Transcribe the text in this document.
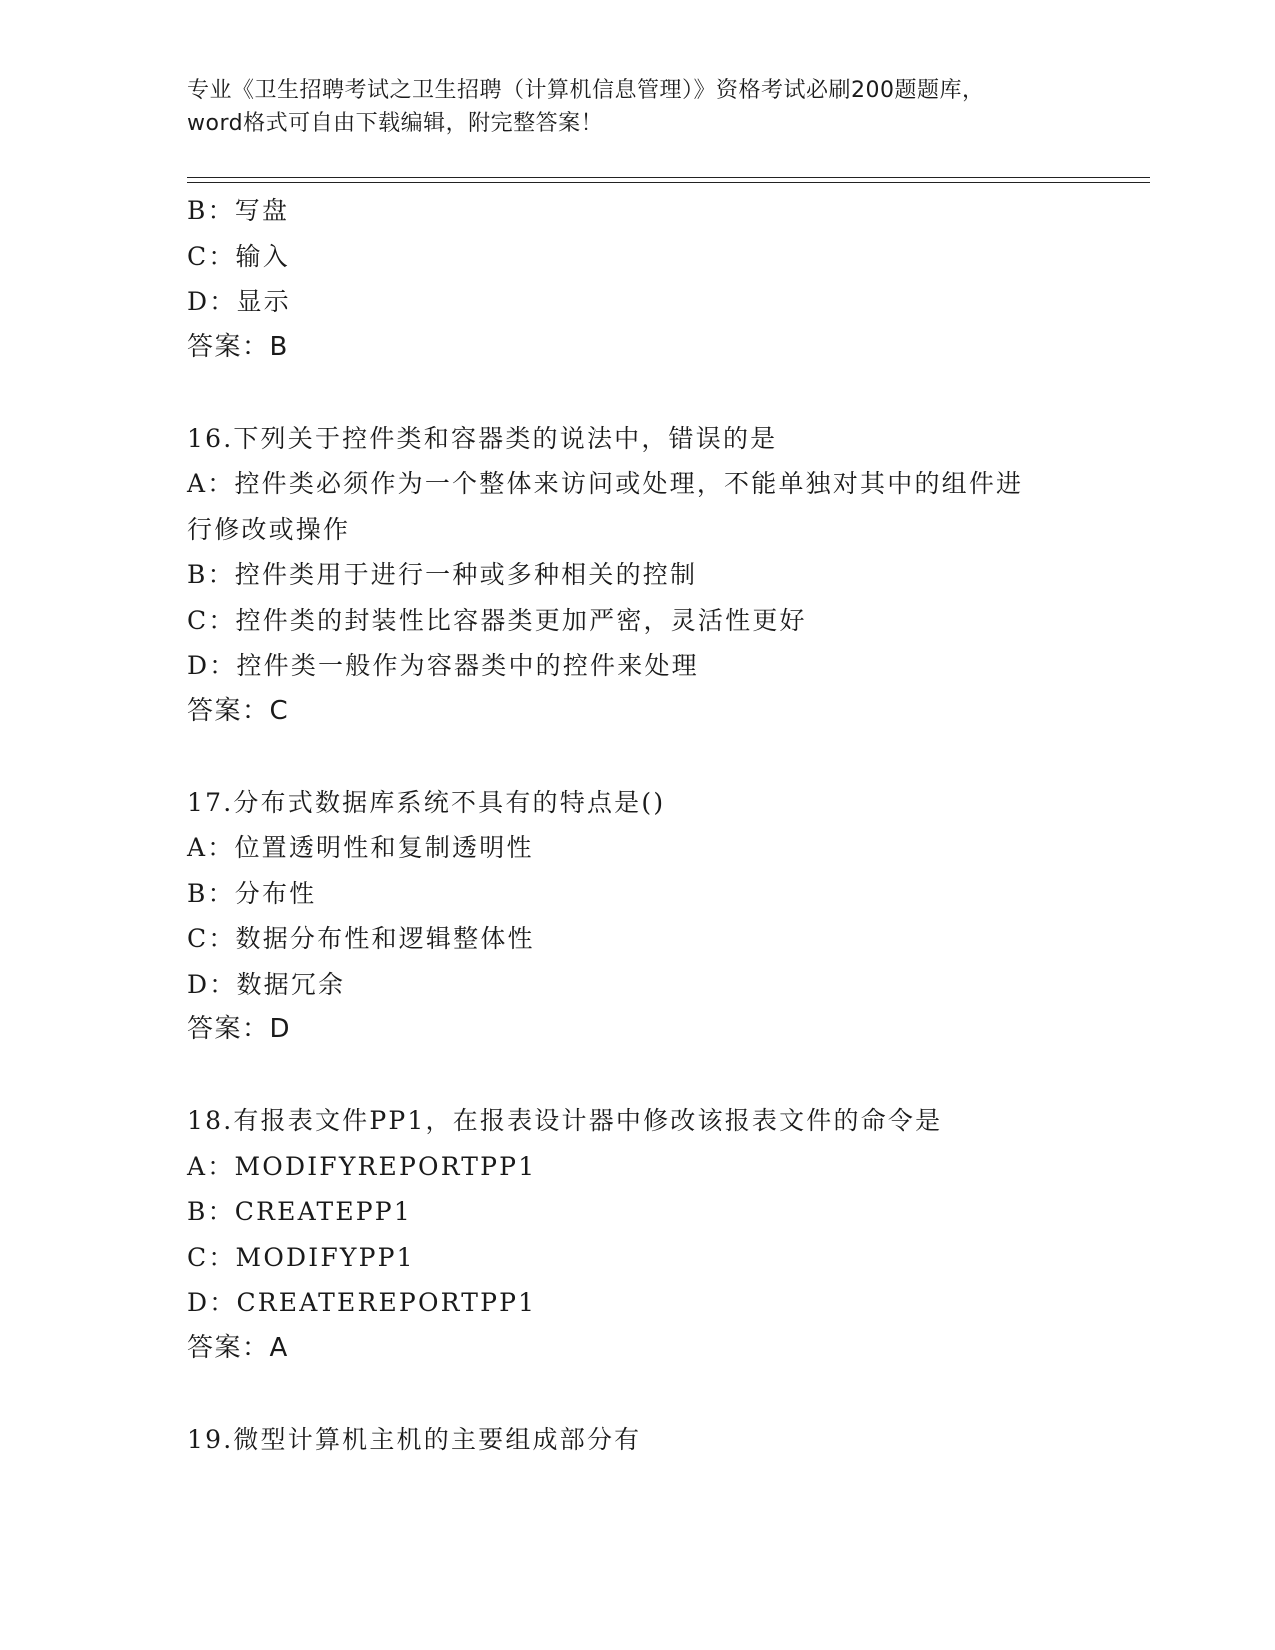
专业《卫生招聘考试之卫生招聘（计算机信息管理）》资格考试必刷200题题库，
word格式可自由下载编辑，附完整答案！
B：写盘
C：输入
D：显示
答案：B
16.下列关于控件类和容器类的说法中，错误的是
A：控件类必须作为一个整体来访问或处理，不能单独对其中的组件进
行修改或操作
B：控件类用于进行一种或多种相关的控制
C：控件类的封装性比容器类更加严密，灵活性更好
D：控件类一般作为容器类中的控件来处理
答案：C
17.分布式数据库系统不具有的特点是()
A：位置透明性和复制透明性
B：分布性
C：数据分布性和逻辑整体性
D：数据冗余
答案：D
18.有报表文件PP1，在报表设计器中修改该报表文件的命令是
A：MODIFYREPORTPP1
B：CREATEPP1
C：MODIFYPP1
D：CREATEREPORTPP1
答案：A
19.微型计算机主机的主要组成部分有
